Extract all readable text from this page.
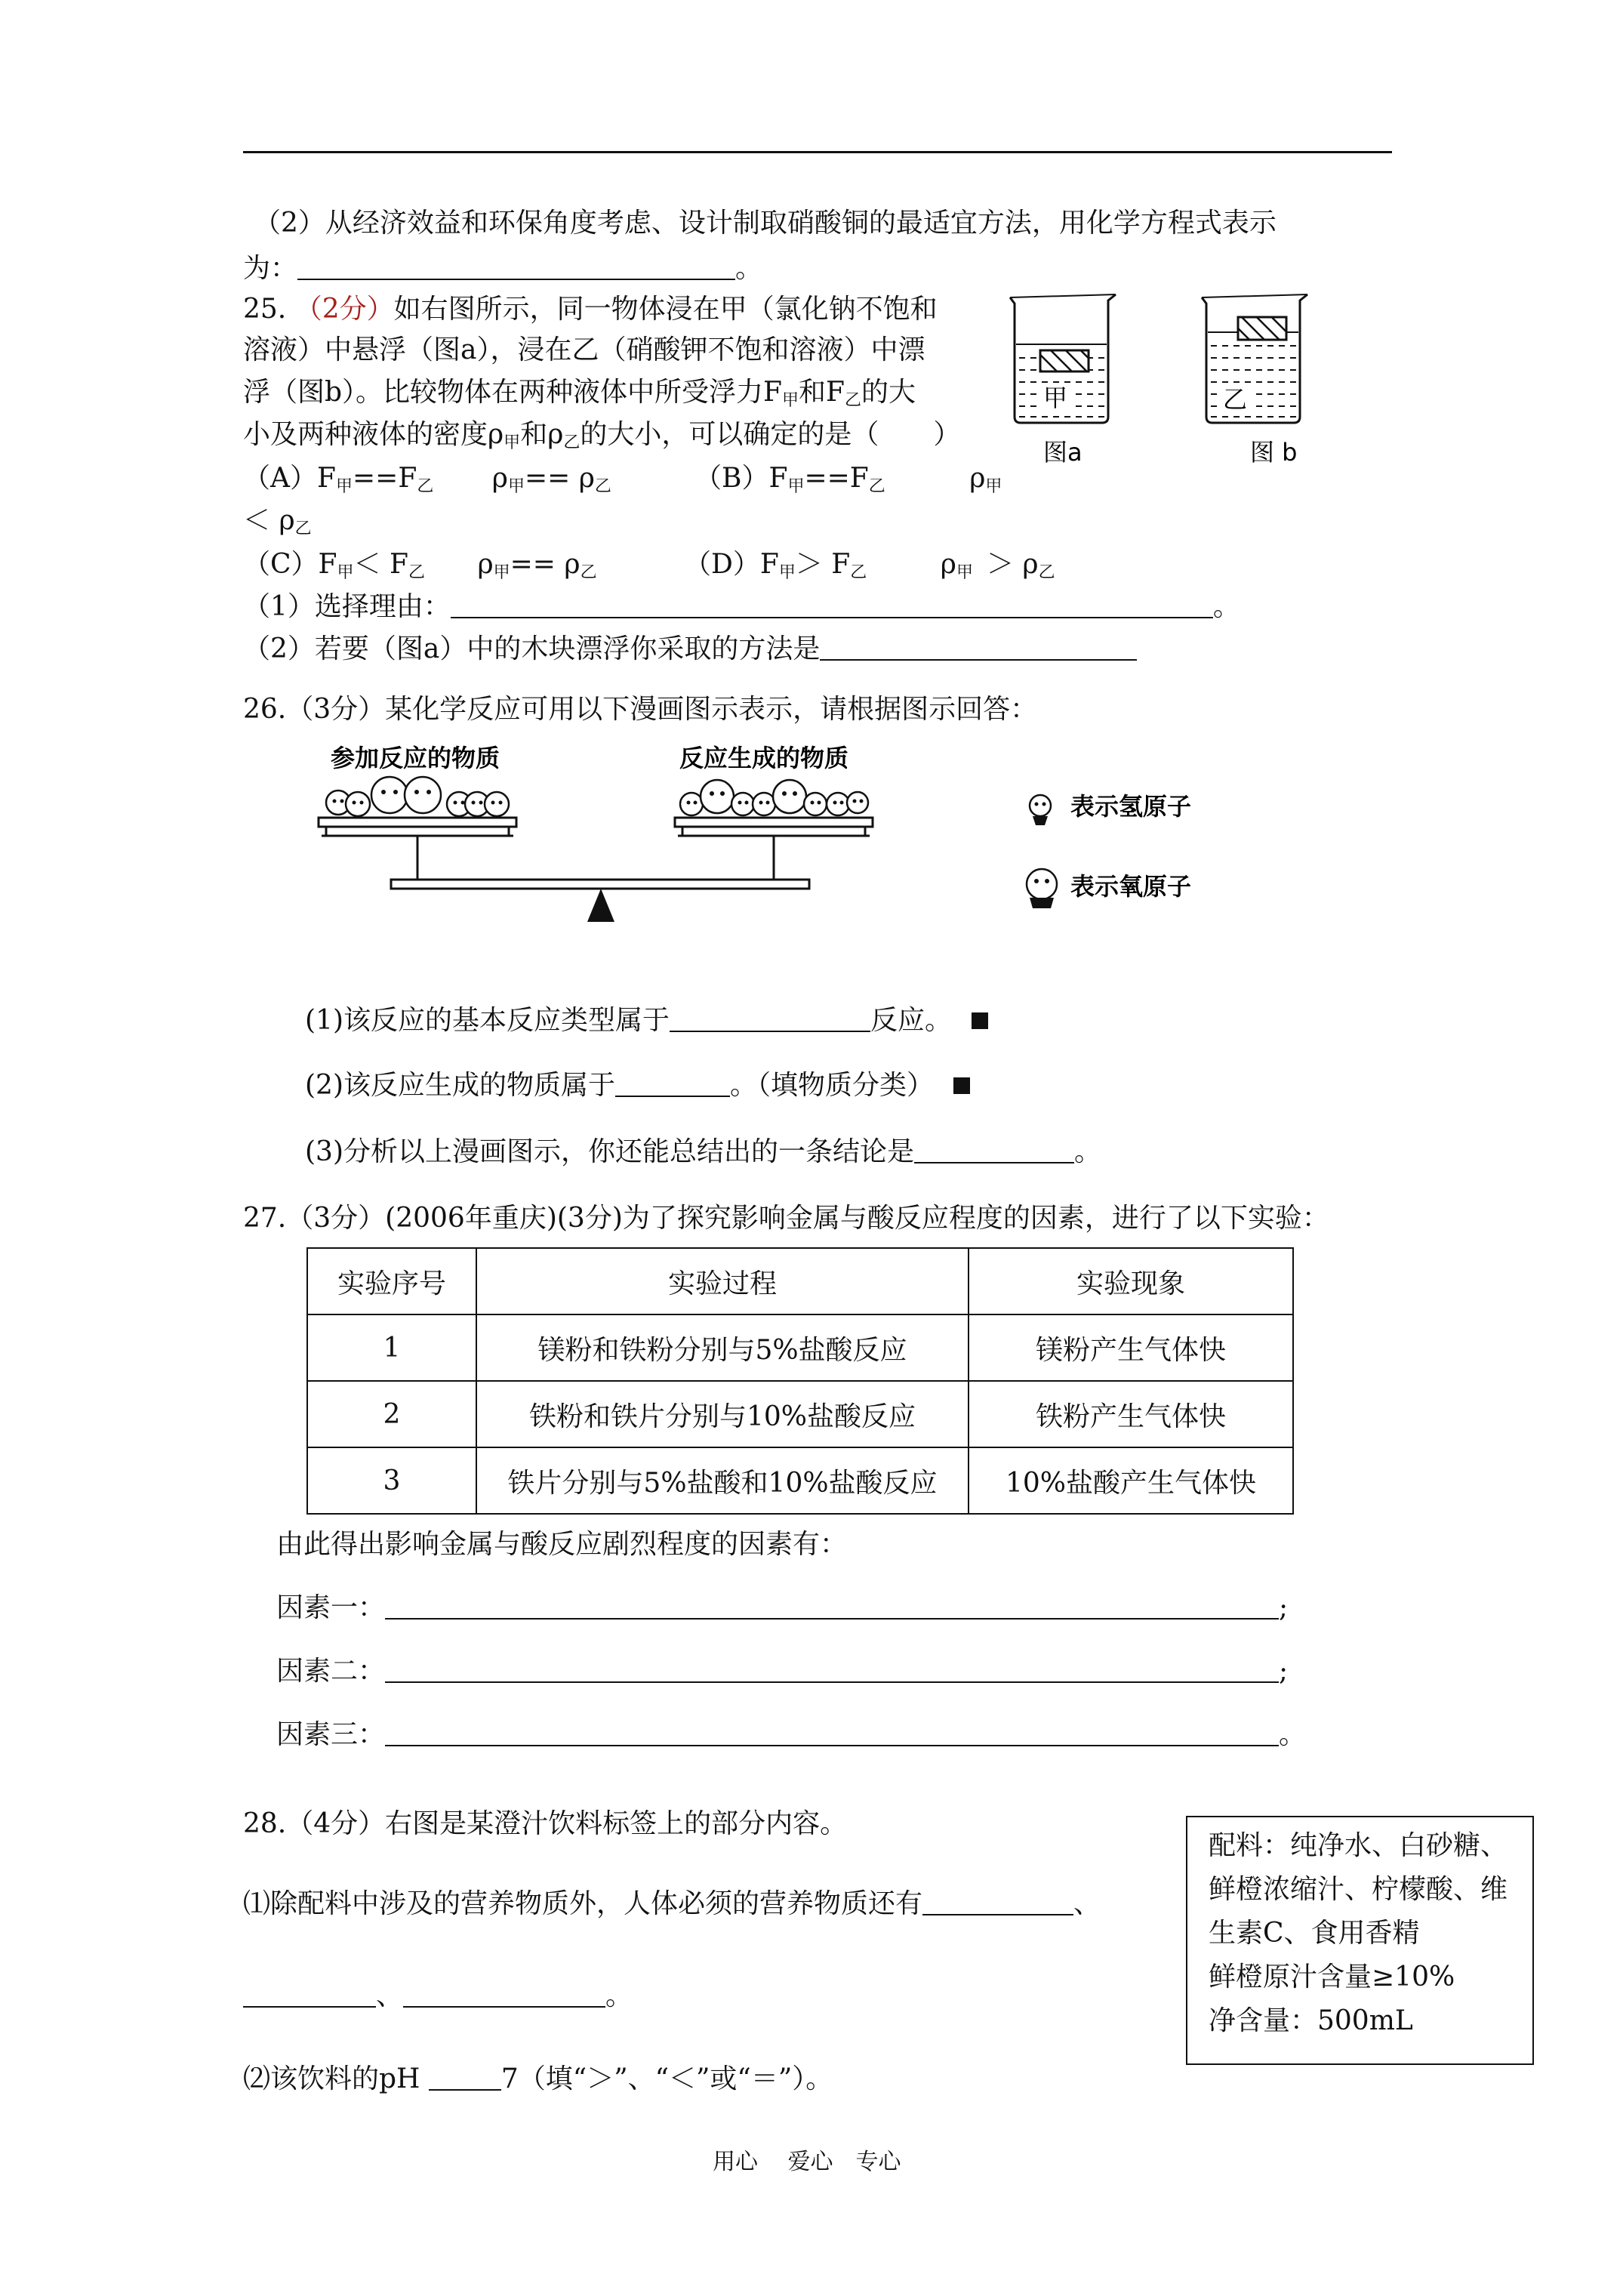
（2）从经济效益和环保角度考虑、设计制取硝酸铜的最适宜方法，用化学方程式表示
为：	。
25. （2分）如右图所示，同一物体浸在甲（氯化钠不饱和
溶液）中悬浮（图a），浸在乙（硝酸钾不饱和溶液）中漂
浮（图b）。比较物体在两种液体中所受浮力$F_甲$和$F_乙$的大
小及两种液体的密度$\rho_甲$和$\rho_乙$的大小，可以确定的是（　　）
$(A)F_甲==F_乙$ $\rho_甲== \rho_乙$	$(B)F_甲==F_乙$	$\rho_甲$
＜ $\rho_乙$
$(C)F_甲< F_乙$ $\rho_甲== \rho_乙$	$(D)F_甲> F_乙$	$\rho_甲 > \rho_乙$
（1）选择理由：	。
（2）若要（图a）中的木块漂浮你采取的方法是
甲
图a
乙
图 b
26.（3分）某化学反应可用以下漫画图示表示，请根据图示回答：
参加反应的物质	反应生成的物质
表示氢原子
表示氧原子
(1)该反应的基本反应类型属于	反应。
(2)该反应生成的物质属于	。（填物质分类）
(3)分析以上漫画图示，你还能总结出的一条结论是	。
27.（3分）(2006年重庆)(3分)为了探究影响金属与酸反应程度的因素，进行了以下实验：
实验序号	实验过程	实验现象
1	镁粉和铁粉分别与5%盐酸反应	镁粉产生气体快
2	铁粉和铁片分别与10%盐酸反应	铁粉产生气体快
3	铁片分别与5%盐酸和10%盐酸反应	10%盐酸产生气体快
由此得出影响金属与酸反应剧烈程度的因素有：
因素一：	;
因素二：	;
因素三：	。
28.（4分）右图是某澄汁饮料标签上的部分内容。
⑴除配料中涉及的营养物质外，人体必须的营养物质还有	、
、	。
⑵该饮料的pH	7（填“＞”、“＜”或“＝”）。
配料：纯净水、白砂糖、
鲜橙浓缩汁、柠檬酸、维
生素C、食用香精
鲜橙原汁含量≥10%
净含量：500mL
用心　 爱心　专心
